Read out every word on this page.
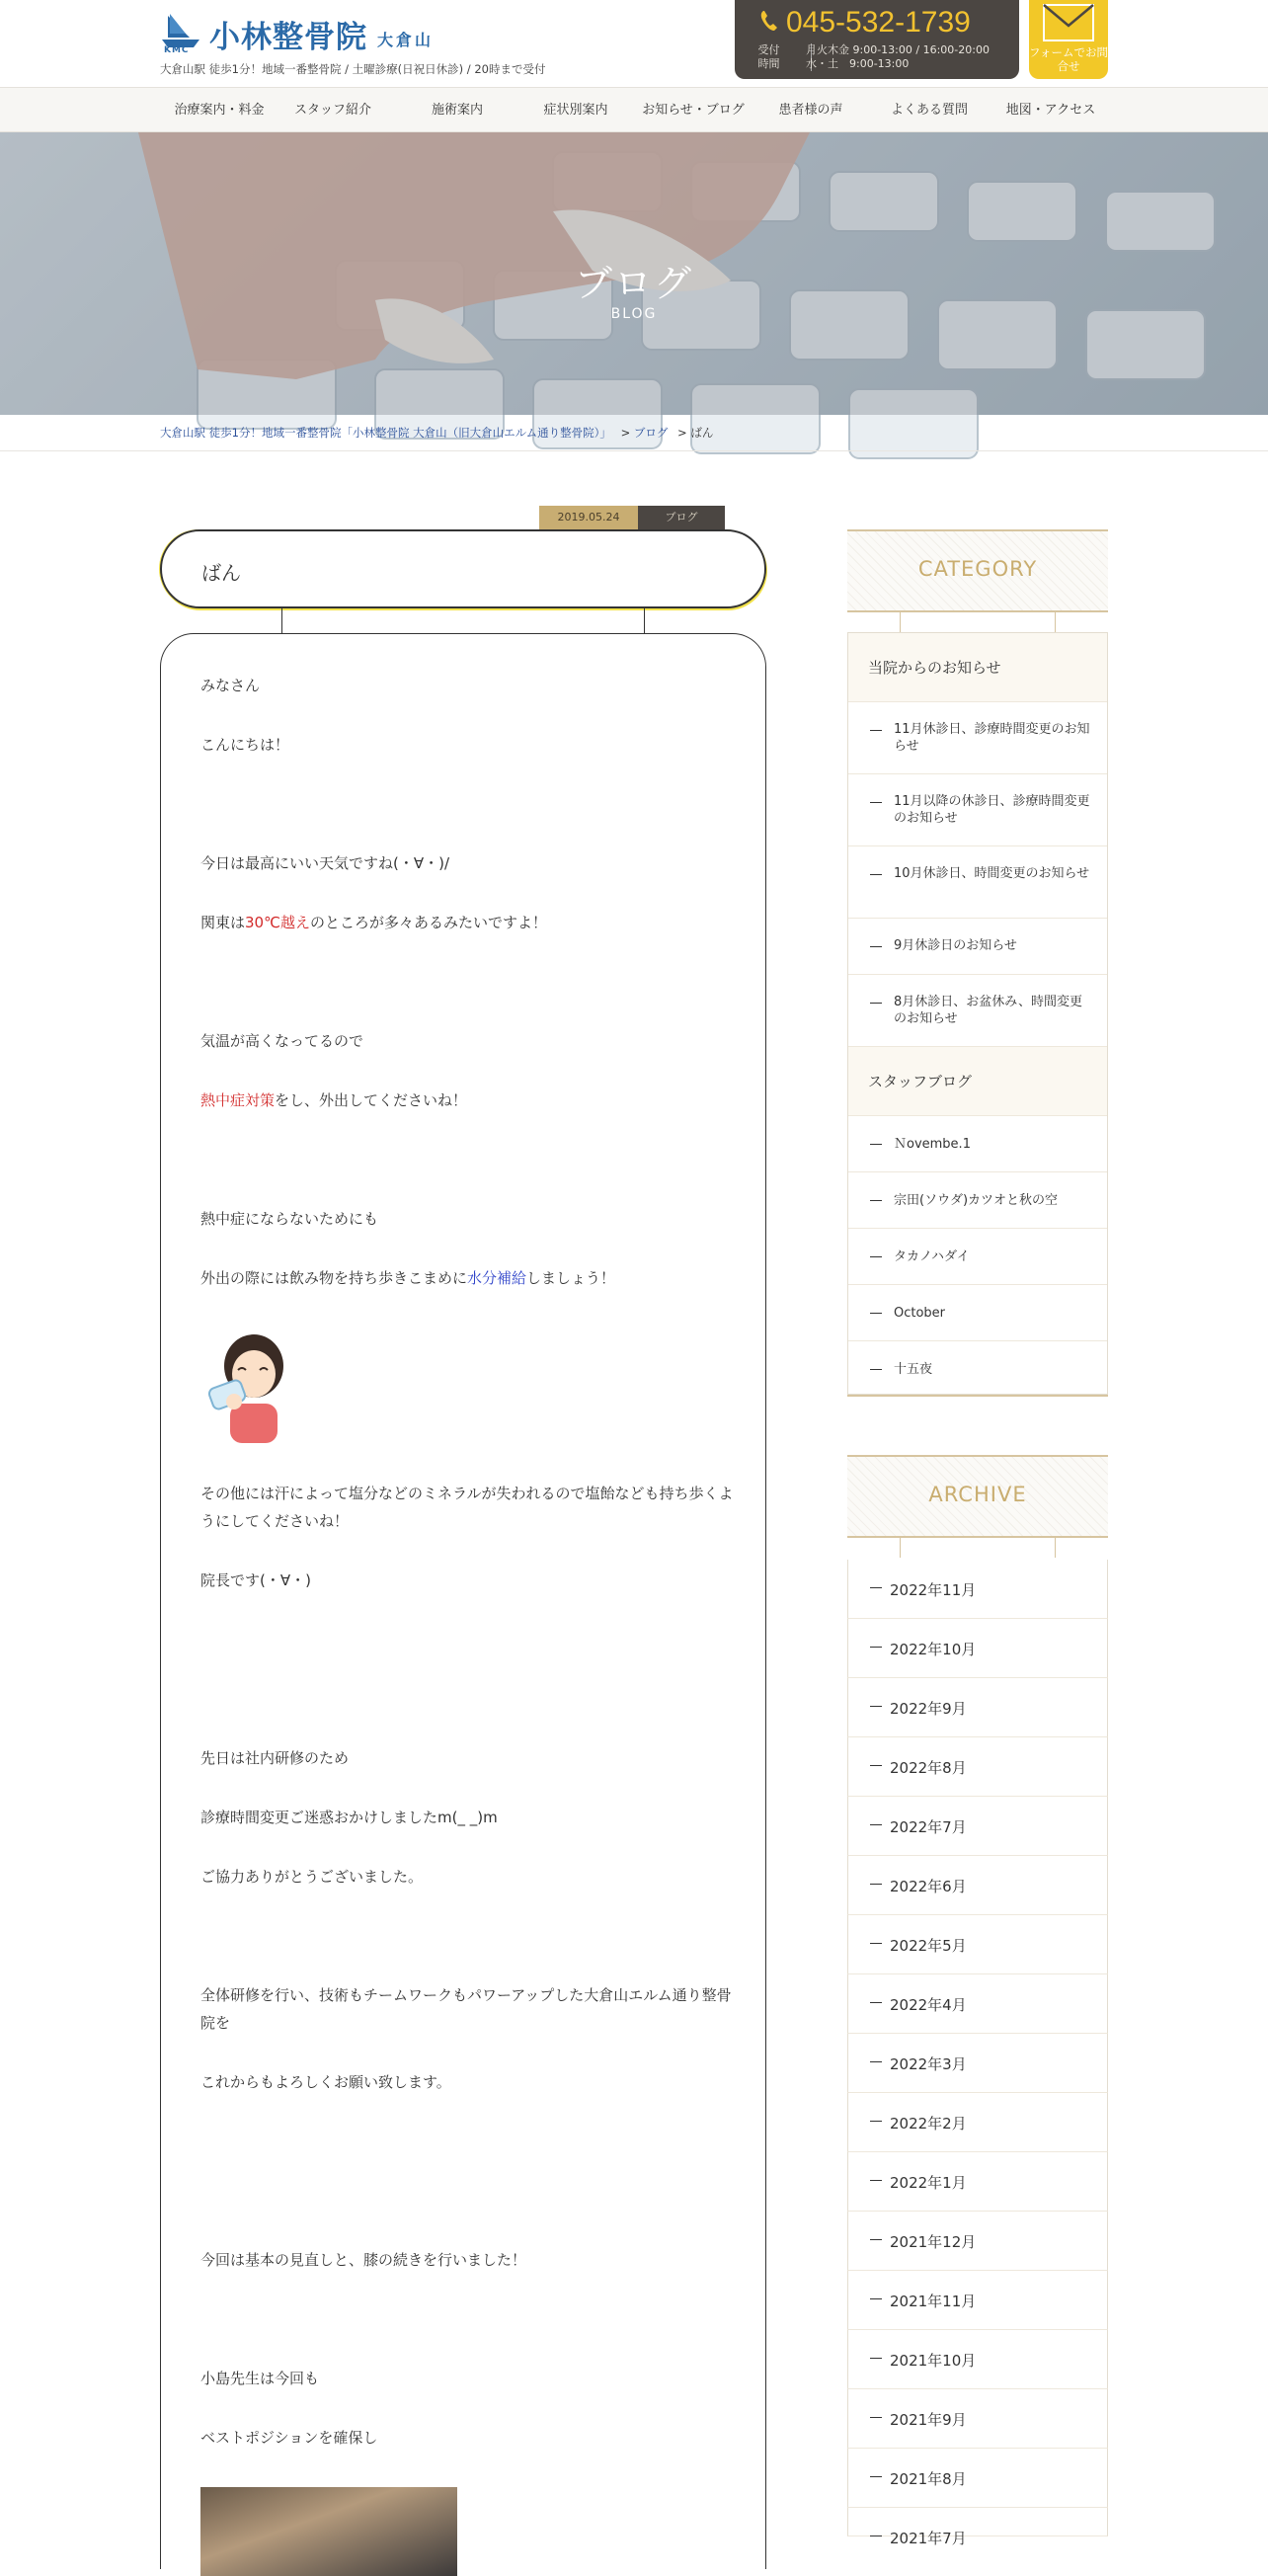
KMC 小林整骨院 大倉山
大倉山駅 徒歩1分！地域一番整骨院 / 土曜診療(日祝日休診) / 20時まで受付
045-532-1739
受付時間
月火木金 9:00-13:00 / 16:00-20:00
水・土　9:00-13:00
フォームでお問合せ
治療案内・料金	スタッフ紹介	施術案内	症状別案内	お知らせ・ブログ	患者様の声	よくある質問	地図・アクセス
ブログ
BLOG
大倉山駅 徒歩1分！地域一番整骨院「小林整骨院 大倉山（旧大倉山エルム通り整骨院）」 > ブログ > ばん
2019.05.24	ブログ
ばん
みなさん
こんにちは！
今日は最高にいい天気ですね(・∀・)/
関東は30℃越えのところが多々あるみたいですよ！
気温が高くなってるので
熱中症対策をし、外出してくださいね！
熱中症にならないためにも
外出の際には飲み物を持ち歩きこまめに水分補給しましょう！
その他には汗によって塩分などのミネラルが失われるので塩飴なども持ち歩くようにしてくださいね！
院長です(・∀・)
先日は社内研修のため
診療時間変更ご迷惑おかけしましたm(_ _)m
ご協力ありがとうございました。
全体研修を行い、技術もチームワークもパワーアップした大倉山エルム通り整骨院を
これからもよろしくお願い致します。
今回は基本の見直しと、膝の続きを行いました！
小島先生は今回も
ベストポジションを確保し
CATEGORY
当院からのお知らせ
11月休診日、診療時間変更のお知らせ
11月以降の休診日、診療時間変更のお知らせ
10月休診日、時間変更のお知らせ
9月休診日のお知らせ
8月休診日、お盆休み、時間変更のお知らせ
スタッフブログ
Ｎovembe.1
宗田(ソウダ)カツオと秋の空
タカノハダイ
October
十五夜
ARCHIVE
2022年11月
2022年10月
2022年9月
2022年8月
2022年7月
2022年6月
2022年5月
2022年4月
2022年3月
2022年2月
2022年1月
2021年12月
2021年11月
2021年10月
2021年9月
2021年8月
2021年7月
